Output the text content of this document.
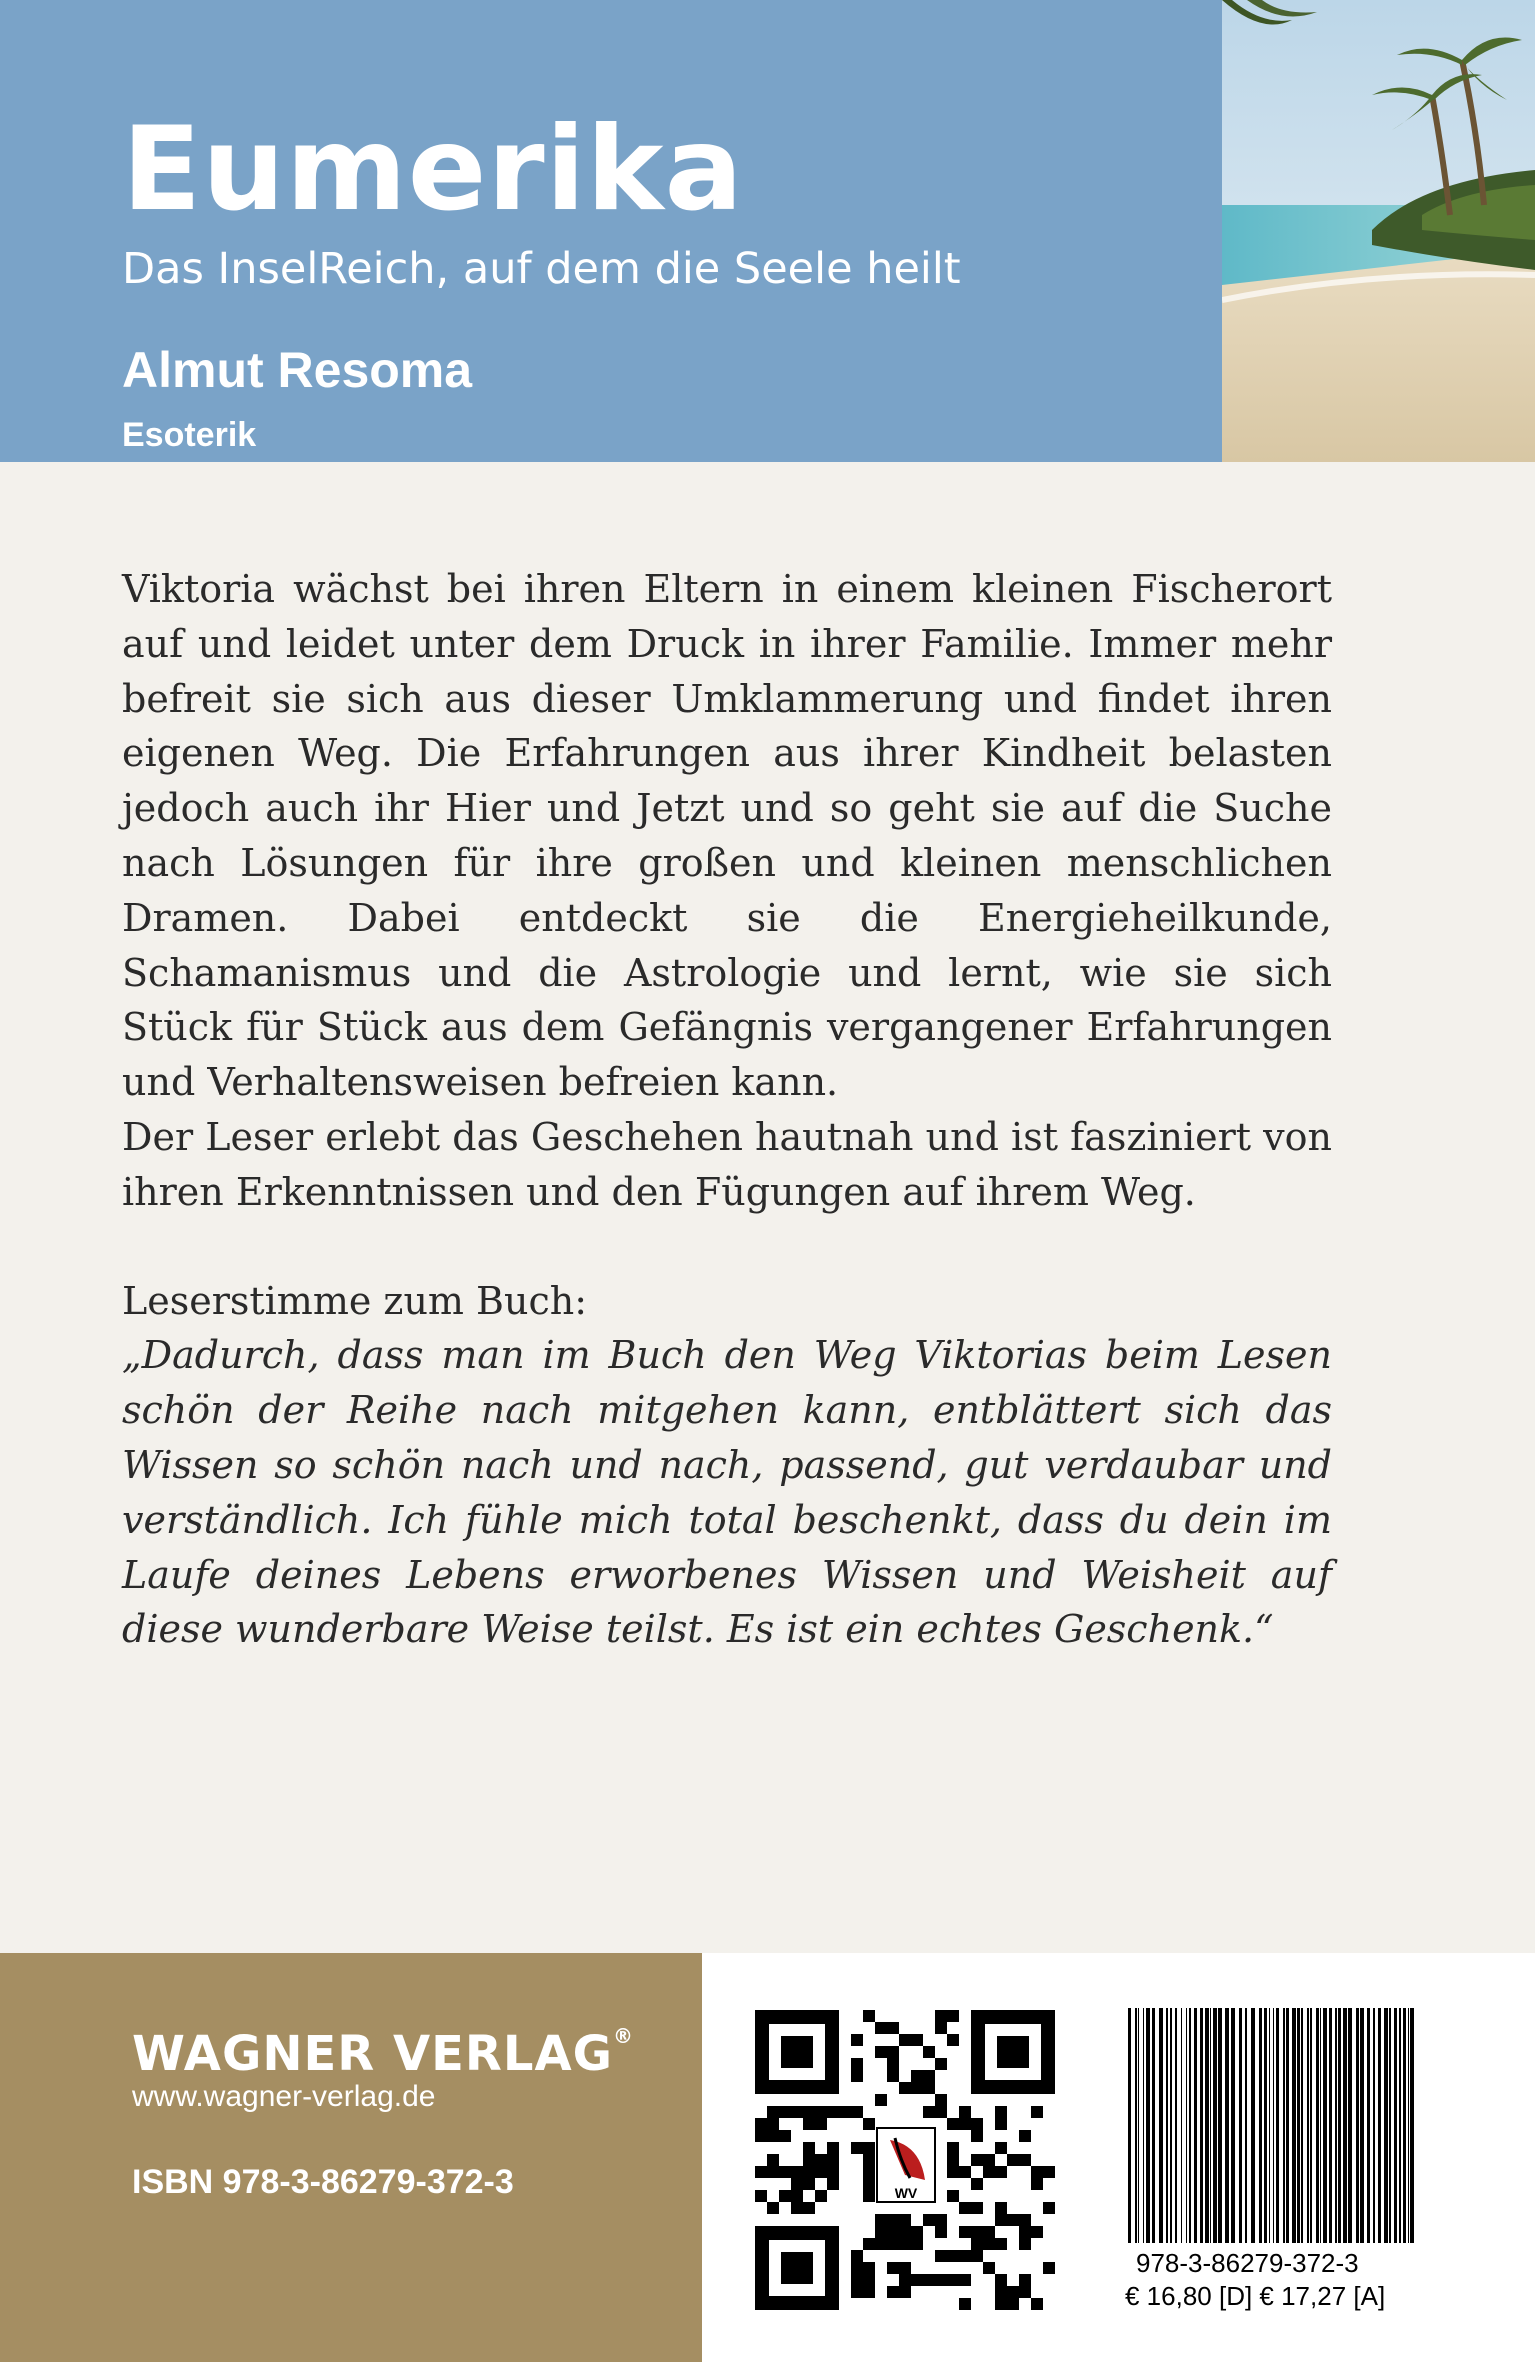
Eumerika
Das InselReich, auf dem die Seele heilt
Almut Resoma
Esoterik

Viktoria wächst bei ihren Eltern in einem kleinen Fischerort auf und leidet unter dem Druck in ihrer Familie. Immer mehr befreit sie sich aus dieser Umklammerung und findet ihren eigenen Weg. Die Erfahrungen aus ihrer Kindheit belasten jedoch auch ihr Hier und Jetzt und so geht sie auf die Suche nach Lösungen für ihre großen und kleinen menschlichen Dramen. Dabei entdeckt sie die Energieheilkunde, Schamanismus und die Astrologie und lernt, wie sie sich Stück für Stück aus dem Gefängnis vergangener Erfahrungen und Verhaltensweisen befreien kann.

Der Leser erlebt das Geschehen hautnah und ist fasziniert von ihren Erkenntnissen und den Fügungen auf ihrem Weg.

Leserstimme zum Buch:

„Dadurch, dass man im Buch den Weg Viktorias beim Lesen schön der Reihe nach mitgehen kann, entblättert sich das Wissen so schön nach und nach, passend, gut verdaubar und verständlich. Ich fühle mich total beschenkt, dass du dein im Laufe deines Lebens erworbenes Wissen und Weisheit auf diese wunderbare Weise teilst. Es ist ein echtes Geschenk.“

WAGNER VERLAG®
www.wagner-verlag.de
ISBN 978-3-86279-372-3	WV
978-3-86279-372-3
€ 16,80 [D] € 17,27 [A]
